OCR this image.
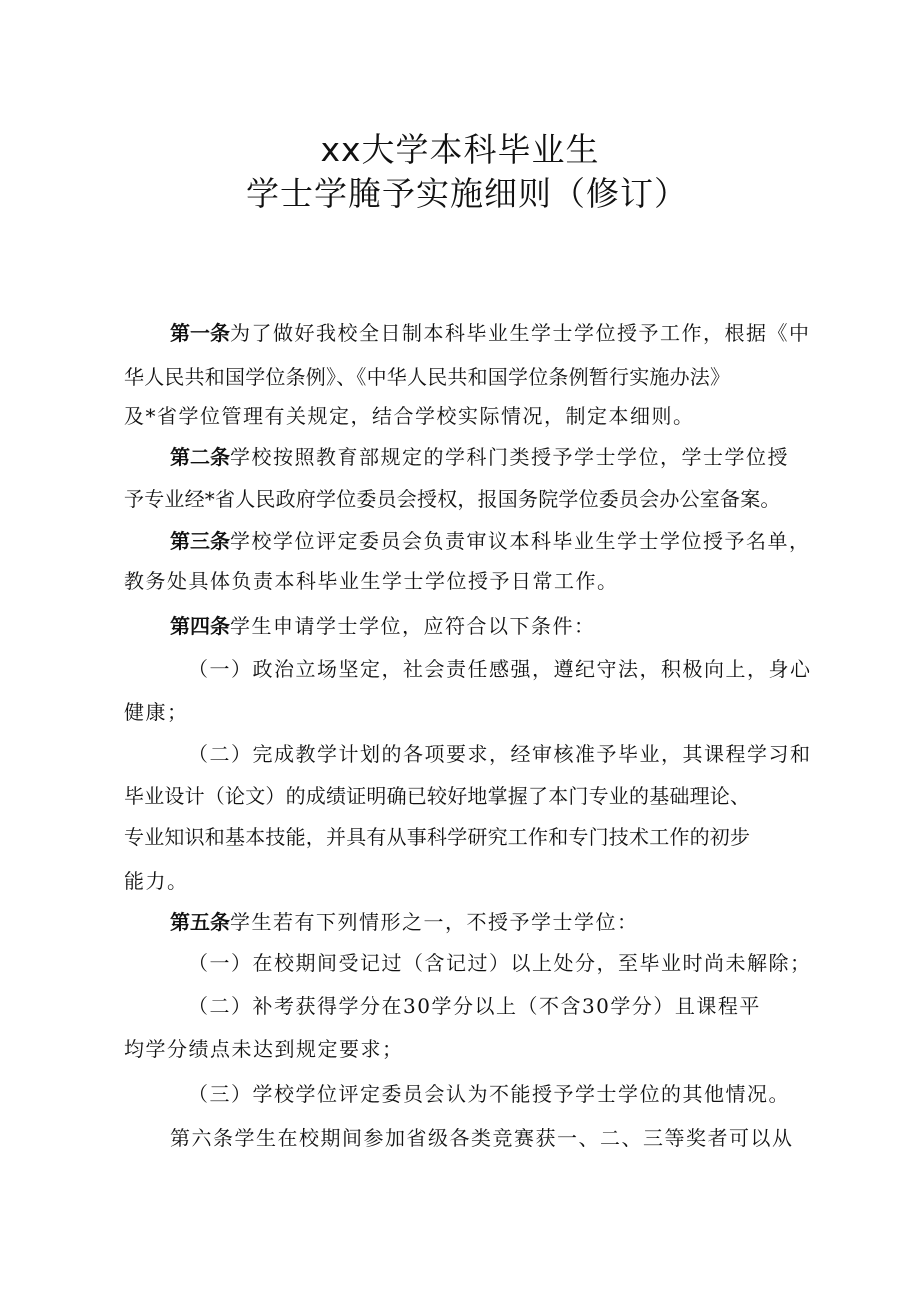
xx大学本科毕业生
学士学腌予实施细则（修订）
第一条为了做好我校全日制本科毕业生学士学位授予工作，根据《中
华人民共和国学位条例》、《中华人民共和国学位条例暂行实施办法》
及*省学位管理有关规定，结合学校实际情况，制定本细则。
第二条学校按照教育部规定的学科门类授予学士学位，学士学位授
予专业经*省人民政府学位委员会授权，报国务院学位委员会办公室备案。
第三条学校学位评定委员会负责审议本科毕业生学士学位授予名单，
教务处具体负责本科毕业生学士学位授予日常工作。
第四条学生申请学士学位，应符合以下条件：
（一）政治立场坚定，社会责任感强，遵纪守法，积极向上，身心
健康；
（二）完成教学计划的各项要求，经审核准予毕业，其课程学习和
毕业设计（论文）的成绩证明确已较好地掌握了本门专业的基础理论、
专业知识和基本技能，并具有从事科学研究工作和专门技术工作的初步
能力。
第五条学生若有下列情形之一，不授予学士学位：
（一）在校期间受记过（含记过）以上处分，至毕业时尚未解除；
（二）补考获得学分在30学分以上（不含30学分）且课程平
均学分绩点未达到规定要求；
（三）学校学位评定委员会认为不能授予学士学位的其他情况。
第六条学生在校期间参加省级各类竞赛获一、二、三等奖者可以从
